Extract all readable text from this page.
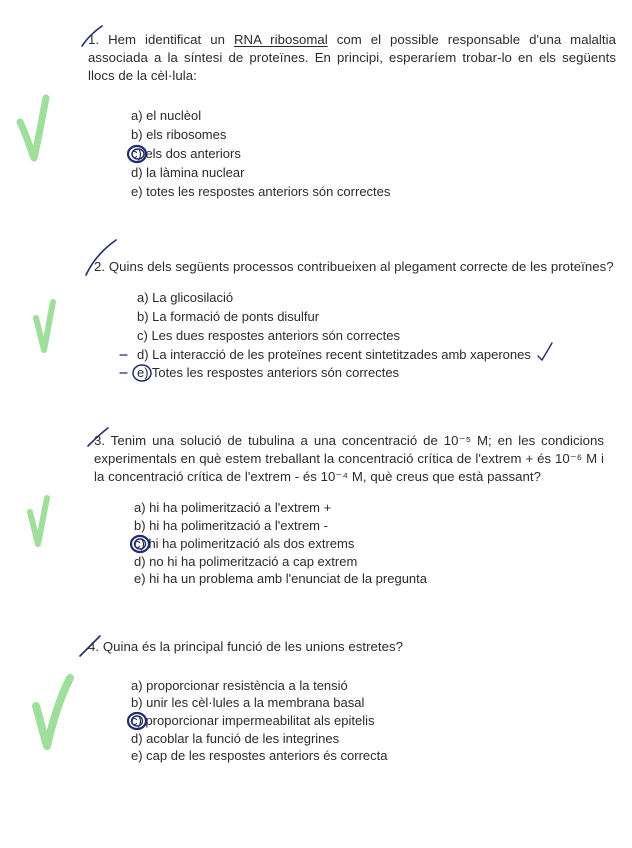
1. Hem identificat un RNA ribosomal com el possible responsable d'una malaltia associada a la síntesi de proteïnes. En principi, esperaríem trobar-lo en els següents llocs de la cèl·lula:
a) el nuclèol
b) els ribosomes
c) els dos anteriors
d) la làmina nuclear
e) totes les respostes anteriors són correctes
2. Quins dels següents processos contribueixen al plegament correcte de les proteïnes?
a) La glicosilació
b) La formació de ponts disulfur
c) Les dues respostes anteriors són correctes
d) La interacció de les proteïnes recent sintetitzades amb xaperones
e) Totes les respostes anteriors són correctes
3. Tenim una solució de tubulina a una concentració de 10⁻⁵ M; en les condicions experimentals en què estem treballant la concentració crítica de l'extrem + és 10⁻⁶ M i la concentració crítica de l'extrem - és 10⁻⁴ M, què creus que està passant?
a) hi ha polimerització a l'extrem +
b) hi ha polimerització a l'extrem -
c) hi ha polimerització als dos extrems
d) no hi ha polimerització a cap extrem
e) hi ha un problema amb l'enunciat de la pregunta
4. Quina és la principal funció de les unions estretes?
a) proporcionar resistència a la tensió
b) unir les cèl·lules a la membrana basal
c) proporcionar impermeabilitat als epitelis
d) acoblar la funció de les integrines
e) cap de les respostes anteriors és correcta
